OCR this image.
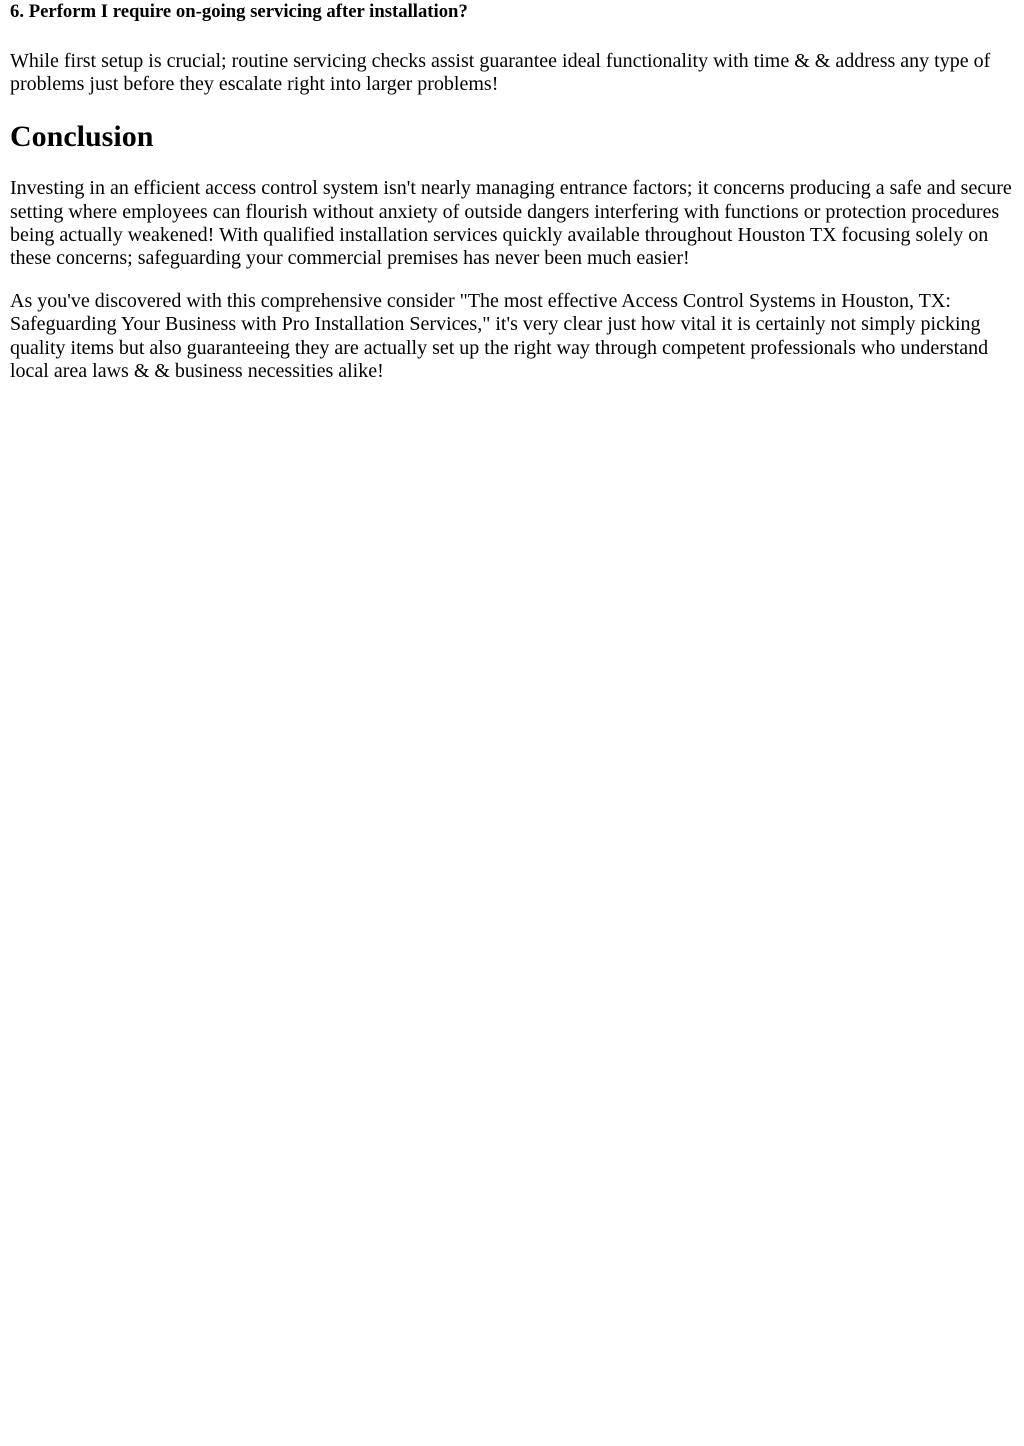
6. Perform I require on-going servicing after installation?

While first setup is crucial; routine servicing checks assist guarantee ideal functionality with time & & address any type of problems just before they escalate right into larger problems!

Conclusion

Investing in an efficient access control system isn't nearly managing entrance factors; it concerns producing a safe and secure setting where employees can flourish without anxiety of outside dangers interfering with functions or protection procedures being actually weakened! With qualified installation services quickly available throughout Houston TX focusing solely on these concerns; safeguarding your commercial premises has never been much easier!

As you've discovered with this comprehensive consider "The most effective Access Control Systems in Houston, TX: Safeguarding Your Business with Pro Installation Services," it's very clear just how vital it is certainly not simply picking quality items but also guaranteeing they are actually set up the right way through competent professionals who understand local area laws & & business necessities alike!
